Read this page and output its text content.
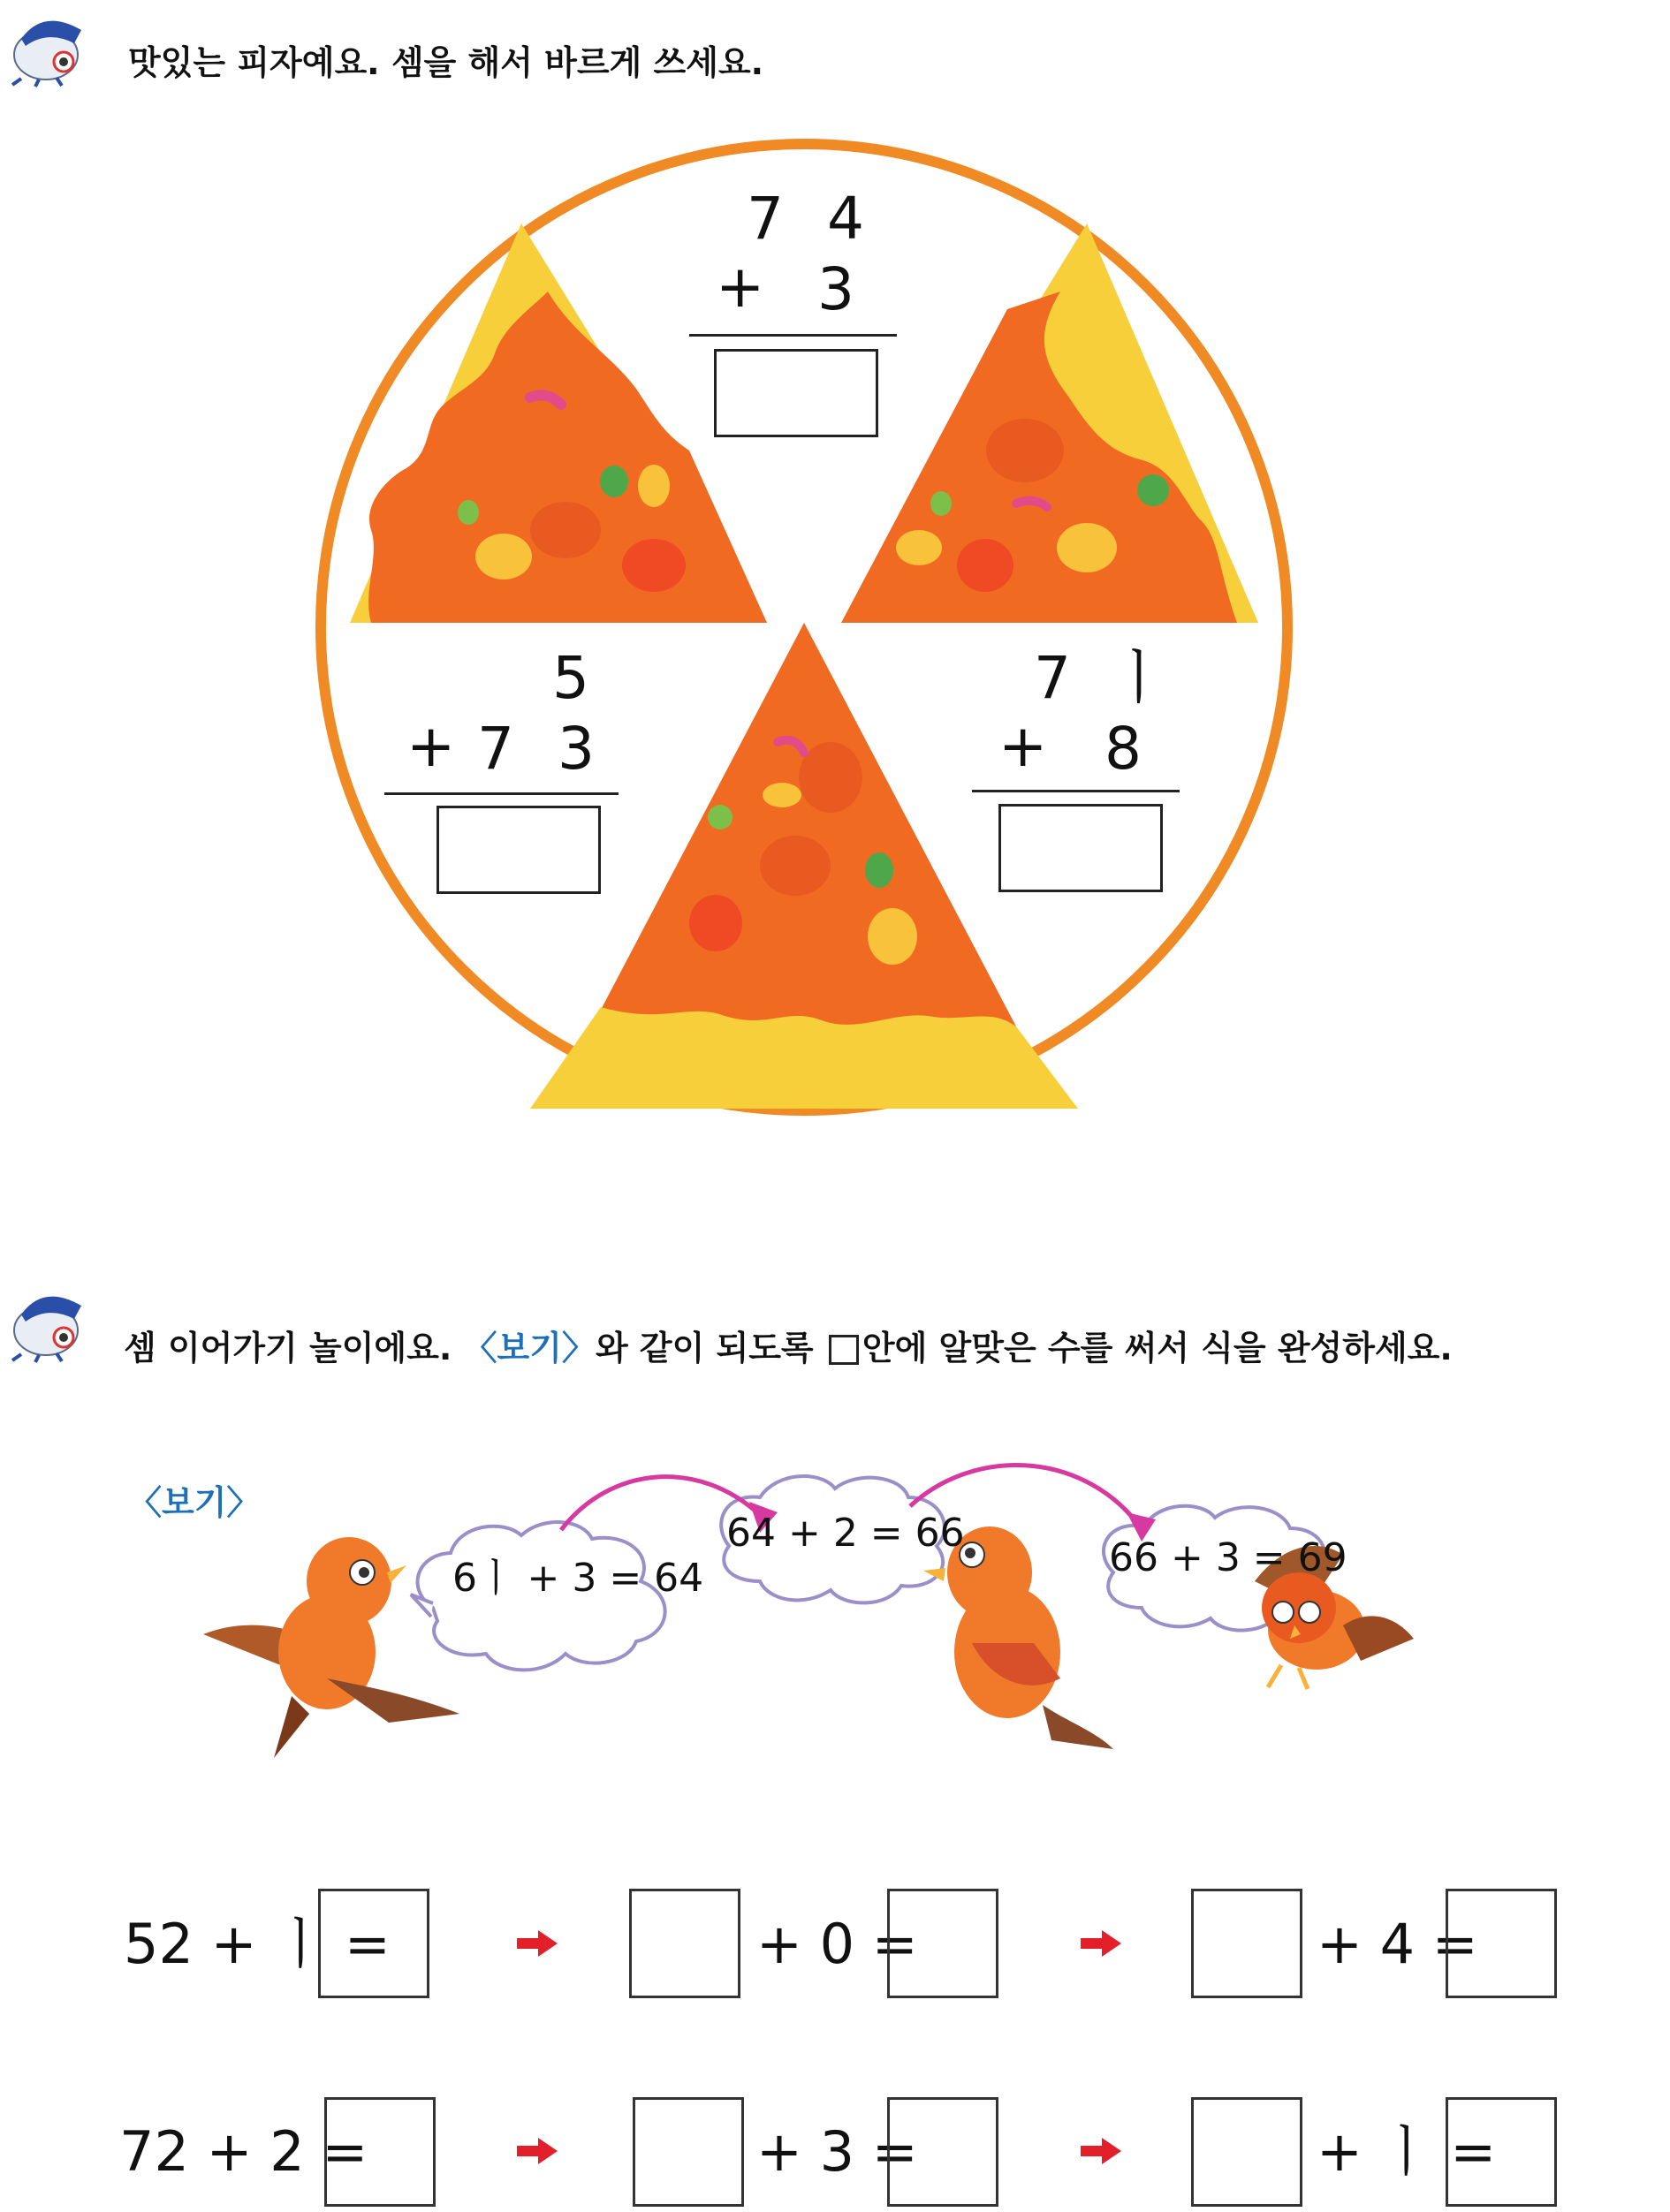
맛있는 피자예요. 셈을 해서 바르게 쓰세요.
7 4
+ 3
5
+ 7 3
7 ㅣ
+ 8
셈 이어가기 놀이에요. 〈보기〉와 같이 되도록 안에 알맞은 수를 써서 식을 완성하세요.
〈보기〉
6ㅣ + 3 = 64
64 + 2 = 66
66 + 3 = 69
52 + ㅣ =	+ 0 =	+ 4 =
72 + 2 =	+ 3 =	+ ㅣ =
